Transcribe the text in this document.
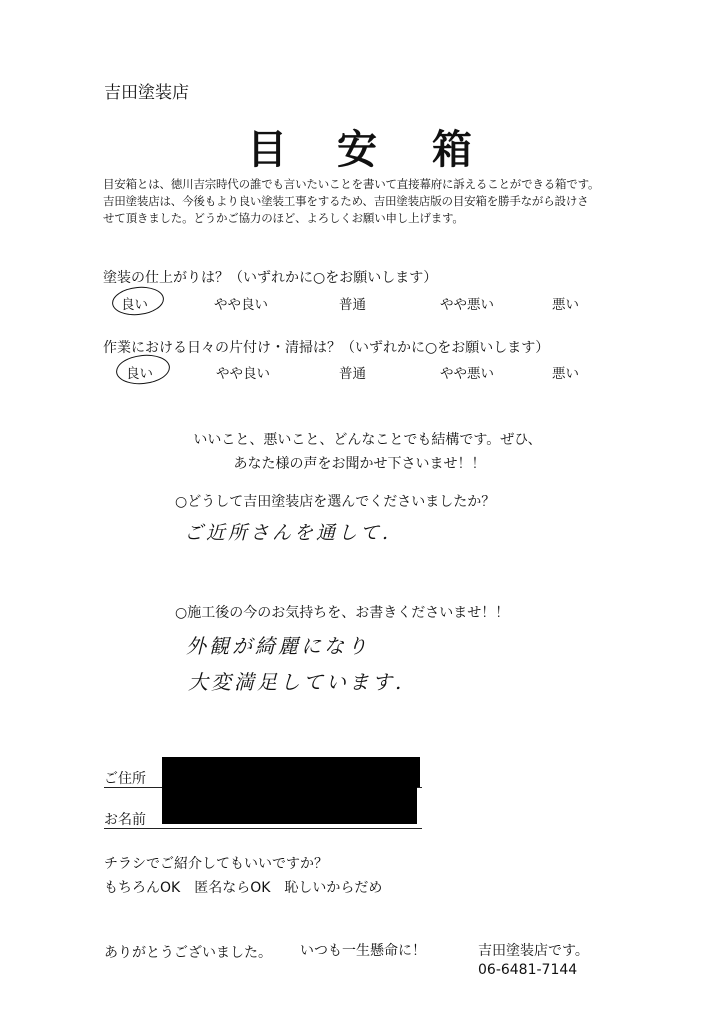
吉田塗装店
目 安 箱
目安箱とは、徳川吉宗時代の誰でも言いたいことを書いて直接幕府に訴えることができる箱です。
吉田塗装店は、今後もより良い塗装工事をするため、吉田塗装店版の目安箱を勝手ながら設けさ
せて頂きました。どうかご協力のほど、よろしくお願い申し上げます。
塗装の仕上がりは？（いずれかに○をお願いします）
良い	やや良い	普通	やや悪い	悪い
作業における日々の片付け・清掃は？（いずれかに○をお願いします）
良い	やや良い	普通	やや悪い	悪い
いいこと、悪いこと、どんなことでも結構です。ぜひ、
あなた様の声をお聞かせ下さいませ！！
○どうして吉田塗装店を選んでくださいましたか？
ご近所さんを通して.
○施工後の今のお気持ちを、お書きくださいませ！！
外観が綺麗になり
大変満足しています.
ご住所
お名前
チラシでご紹介してもいいですか？
もちろんOK　匿名ならOK　恥しいからだめ
ありがとうございました。 いつも一生懸命に！	吉田塗装店です。
06-6481-7144
